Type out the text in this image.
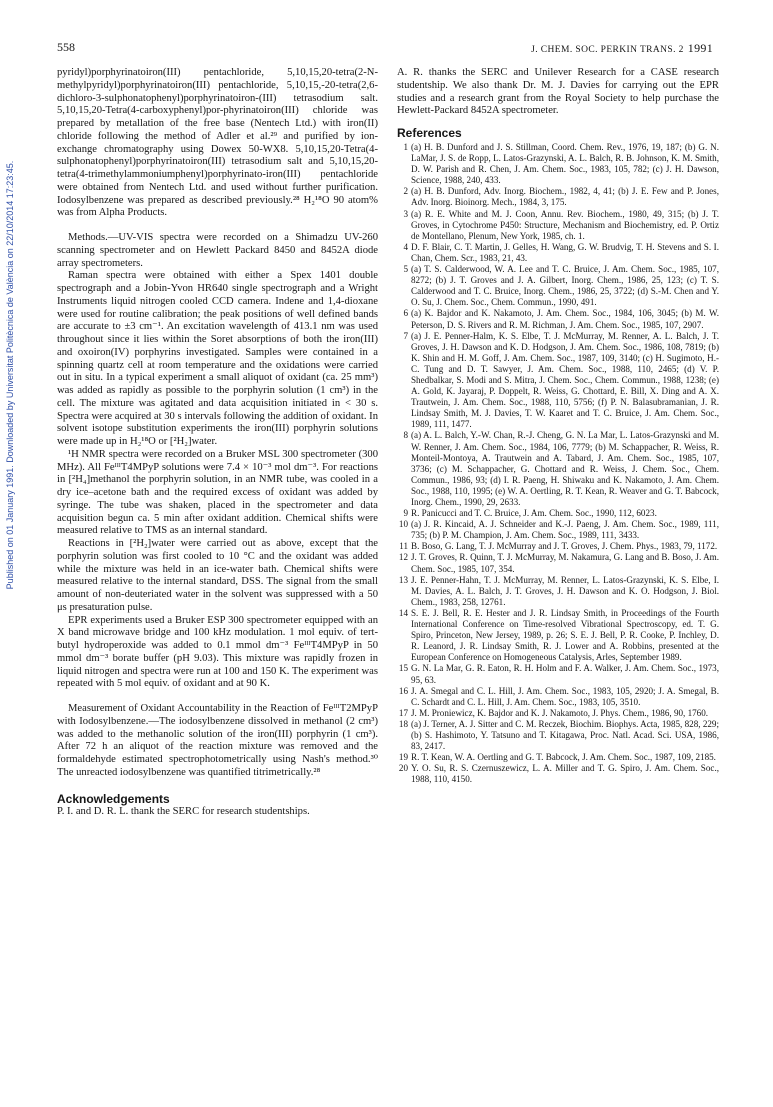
558	J. CHEM. SOC. PERKIN TRANS. 2 1991
Published on 01 January 1991. Downloaded by Universitat Politècnica de València on 22/10/2014 17:23:45.

pyridyl)porphyrinatoiron(III) pentachloride, 5,10,15,20-tetra(2-N-methylpyridyl)porphyrinatoiron(III) pentachloride, 5,10,15,-20-tetra(2,6-dichloro-3-sulphonatophenyl)porphyrinatoiron-(III) tetrasodium salt. 5,10,15,20-Tetra(4-carboxyphenyl)por-phyrinatoiron(III) chloride was prepared by metallation of the free base (Nentech Ltd.) with iron(II) chloride following the method of Adler et al.²⁹ and purified by ion-exchange chromatography using Dowex 50-WX8. 5,10,15,20-Tetra(4-sulphonatophenyl)porphyrinatoiron(III) tetrasodium salt and 5,10,15,20-tetra(4-trimethylammoniumphenyl)porphyrinato-iron(III) pentachloride were obtained from Nentech Ltd. and used without further purification. Iodosylbenzene was prepared as described previously.²⁸ H₂¹⁸O 90 atom% was from Alpha Products.

Methods.—UV-VIS spectra were recorded on a Shimadzu UV-260 scanning spectrometer and on Hewlett Packard 8450 and 8452A diode array spectrometers.

Raman spectra were obtained with either a Spex 1401 double spectrograph and a Jobin-Yvon HR640 single spectrograph and a Wright Instruments liquid nitrogen cooled CCD camera. Indene and 1,4-dioxane were used for routine calibration; the peak positions of well defined bands are accurate to ±3 cm⁻¹. An excitation wavelength of 413.1 nm was used throughout since it lies within the Soret absorptions of both the iron(III) and oxoiron(IV) porphyrins investigated. Samples were contained in a spinning quartz cell at room temperature and the oxidations were carried out in situ. In a typical experiment a small aliquot of oxidant (ca. 25 mm³) was added as rapidly as possible to the porphyrin solution (1 cm³) in the cell. The mixture was agitated and data acquisition initiated in < 30 s. Spectra were acquired at 30 s intervals following the addition of oxidant. In solvent isotope substitution experiments the iron(III) porphyrin solutions were made up in H₂¹⁸O or [²H₂]water.

¹H NMR spectra were recorded on a Bruker MSL 300 spectrometer (300 MHz). All FeᴵᴵᴵT4MPyP solutions were 7.4 × 10⁻³ mol dm⁻³. For reactions in [²H₄]methanol the porphyrin solution, in an NMR tube, was cooled in a dry ice–acetone bath and the required excess of oxidant was added by syringe. The tube was shaken, placed in the spectrometer and data acquisition begun ca. 5 min after oxidant addition. Chemical shifts were measured relative to TMS as an internal standard.

Reactions in [²H₂]water were carried out as above, except that the porphyrin solution was first cooled to 10 °C and the oxidant was added while the mixture was held in an ice-water bath. Chemical shifts were measured relative to the internal standard, DSS. The signal from the small amount of non-deuteriated water in the solvent was suppressed with a 50 μs presaturation pulse.

EPR experiments used a Bruker ESP 300 spectrometer equipped with an X band microwave bridge and 100 kHz modulation. 1 mol equiv. of tert-butyl hydroperoxide was added to 0.1 mmol dm⁻³ FeᴵᴵᴵT4MPyP in 50 mmol dm⁻³ borate buffer (pH 9.03). This mixture was rapidly frozen in liquid nitrogen and spectra were run at 100 and 150 K. The experiment was repeated with 5 mol equiv. of oxidant and at 90 K.

Measurement of Oxidant Accountability in the Reaction of FeᴵᴵᴵT2MPyP with Iodosylbenzene.—The iodosylbenzene dissolved in methanol (2 cm³) was added to the methanolic solution of the iron(III) porphyrin (1 cm³). After 72 h an aliquot of the reaction mixture was removed and the formaldehyde estimated spectrophotometrically using Nash's method.³⁰ The unreacted iodosylbenzene was quantified titrimetrically.²⁸

Acknowledgements

P. I. and D. R. L. thank the SERC for research studentships.

A. R. thanks the SERC and Unilever Research for a CASE research studentship. We also thank Dr. M. J. Davies for carrying out the EPR studies and a research grant from the Royal Society to help purchase the Hewlett-Packard 8452A spectrometer.

References
1 (a) H. B. Dunford and J. S. Stillman, Coord. Chem. Rev., 1976, 19, 187; (b) G. N. LaMar, J. S. de Ropp, L. Latos-Grazynski, A. L. Balch, R. B. Johnson, K. M. Smith, D. W. Parish and R. Chen, J. Am. Chem. Soc., 1983, 105, 782; (c) J. H. Dawson, Science, 1988, 240, 433.
2 (a) H. B. Dunford, Adv. Inorg. Biochem., 1982, 4, 41; (b) J. E. Few and P. Jones, Adv. Inorg. Bioinorg. Mech., 1984, 3, 175.
3 (a) R. E. White and M. J. Coon, Annu. Rev. Biochem., 1980, 49, 315; (b) J. T. Groves, in Cytochrome P450: Structure, Mechanism and Biochemistry, ed. P. Ortiz de Montellano, Plenum, New York, 1985, ch. 1.
4 D. F. Blair, C. T. Martin, J. Gelles, H. Wang, G. W. Brudvig, T. H. Stevens and S. I. Chan, Chem. Scr., 1983, 21, 43.
5 (a) T. S. Calderwood, W. A. Lee and T. C. Bruice, J. Am. Chem. Soc., 1985, 107, 8272; (b) J. T. Groves and J. A. Gilbert, Inorg. Chem., 1986, 25, 123; (c) T. S. Calderwood and T. C. Bruice, Inorg. Chem., 1986, 25, 3722; (d) S.-M. Chen and Y. O. Su, J. Chem. Soc., Chem. Commun., 1990, 491.
6 (a) K. Bajdor and K. Nakamoto, J. Am. Chem. Soc., 1984, 106, 3045; (b) M. W. Peterson, D. S. Rivers and R. M. Richman, J. Am. Chem. Soc., 1985, 107, 2907.
7 (a) J. E. Penner-Halm, K. S. Elbe, T. J. McMurray, M. Renner, A. L. Balch, J. T. Groves, J. H. Dawson and K. D. Hodgson, J. Am. Chem. Soc., 1986, 108, 7819; (b) K. Shin and H. M. Goff, J. Am. Chem. Soc., 1987, 109, 3140; (c) H. Sugimoto, H.-C. Tung and D. T. Sawyer, J. Am. Chem. Soc., 1988, 110, 2465; (d) V. P. Shedbalkar, S. Modi and S. Mitra, J. Chem. Soc., Chem. Commun., 1988, 1238; (e) A. Gold, K. Jayaraj, P. Doppelt, R. Weiss, G. Chottard, E. Bill, X. Ding and A. X. Trautwein, J. Am. Chem. Soc., 1988, 110, 5756; (f) P. N. Balasubramanian, J. R. Lindsay Smith, M. J. Davies, T. W. Kaaret and T. C. Bruice, J. Am. Chem. Soc., 1989, 111, 1477.
8 (a) A. L. Balch, Y.-W. Chan, R.-J. Cheng, G. N. La Mar, L. Latos-Grazynski and M. W. Renner, J. Am. Chem. Soc., 1984, 106, 7779; (b) M. Schappacher, R. Weiss, R. Monteil-Montoya, A. Trautwein and A. Tabard, J. Am. Chem. Soc., 1985, 107, 3736; (c) M. Schappacher, G. Chottard and R. Weiss, J. Chem. Soc., Chem. Commun., 1986, 93; (d) I. R. Paeng, H. Shiwaku and K. Nakamoto, J. Am. Chem. Soc., 1988, 110, 1995; (e) W. A. Oertling, R. T. Kean, R. Weaver and G. T. Babcock, Inorg. Chem., 1990, 29, 2633.
9 R. Panicucci and T. C. Bruice, J. Am. Chem. Soc., 1990, 112, 6023.
10 (a) J. R. Kincaid, A. J. Schneider and K.-J. Paeng, J. Am. Chem. Soc., 1989, 111, 735; (b) P. M. Champion, J. Am. Chem. Soc., 1989, 111, 3433.
11 B. Boso, G. Lang, T. J. McMurray and J. T. Groves, J. Chem. Phys., 1983, 79, 1172.
12 J. T. Groves, R. Quinn, T. J. McMurray, M. Nakamura, G. Lang and B. Boso, J. Am. Chem. Soc., 1985, 107, 354.
13 J. E. Penner-Hahn, T. J. McMurray, M. Renner, L. Latos-Grazynski, K. S. Elbe, I. M. Davies, A. L. Balch, J. T. Groves, J. H. Dawson and K. O. Hodgson, J. Biol. Chem., 1983, 258, 12761.
14 S. E. J. Bell, R. E. Hester and J. R. Lindsay Smith, in Proceedings of the Fourth International Conference on Time-resolved Vibrational Spectroscopy, ed. T. G. Spiro, Princeton, New Jersey, 1989, p. 26; S. E. J. Bell, P. R. Cooke, P. Inchley, D. R. Leanord, J. R. Lindsay Smith, R. J. Lower and A. Robbins, presented at the European Conference on Homogeneous Catalysis, Arles, September 1989.
15 G. N. La Mar, G. R. Eaton, R. H. Holm and F. A. Walker, J. Am. Chem. Soc., 1973, 95, 63.
16 J. A. Smegal and C. L. Hill, J. Am. Chem. Soc., 1983, 105, 2920; J. A. Smegal, B. C. Schardt and C. L. Hill, J. Am. Chem. Soc., 1983, 105, 3510.
17 J. M. Proniewicz, K. Bajdor and K. J. Nakamoto, J. Phys. Chem., 1986, 90, 1760.
18 (a) J. Terner, A. J. Sitter and C. M. Reczek, Biochim. Biophys. Acta, 1985, 828, 229; (b) S. Hashimoto, Y. Tatsuno and T. Kitagawa, Proc. Natl. Acad. Sci. USA, 1986, 83, 2417.
19 R. T. Kean, W. A. Oertling and G. T. Babcock, J. Am. Chem. Soc., 1987, 109, 2185.
20 Y. O. Su, R. S. Czernuszewicz, L. A. Miller and T. G. Spiro, J. Am. Chem. Soc., 1988, 110, 4150.
